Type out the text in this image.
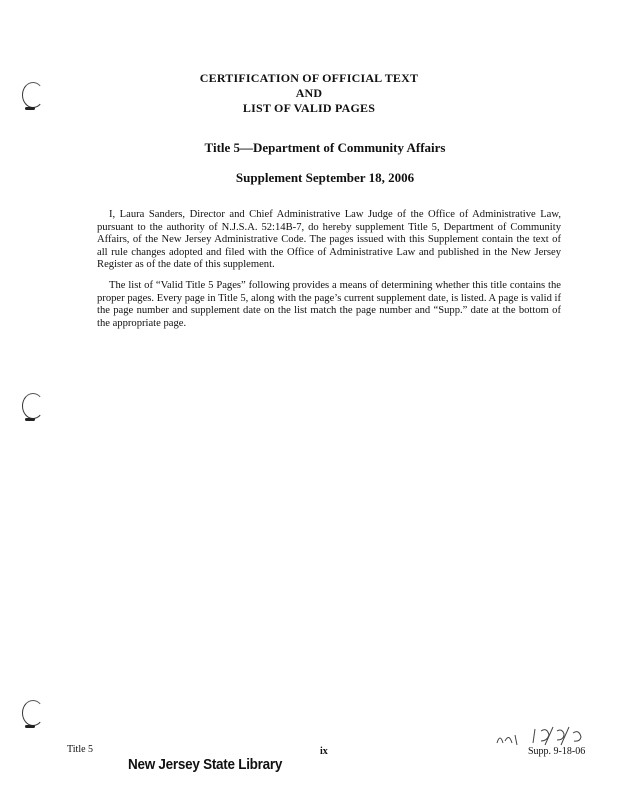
CERTIFICATION OF OFFICIAL TEXT
AND
LIST OF VALID PAGES
Title 5—Department of Community Affairs
Supplement September 18, 2006

I, Laura Sanders, Director and Chief Administrative Law Judge of the Office of Administrative Law, pursuant to the authority of N.J.S.A. 52:14B-7, do hereby supplement Title 5, Department of Community Affairs, of the New Jersey Administrative Code. The pages issued with this Supplement contain the text of all rule changes adopted and filed with the Office of Administrative Law and published in the New Jersey Register as of the date of this supplement.

The list of “Valid Title 5 Pages” following provides a means of determining whether this title contains the proper pages. Every page in Title 5, along with the page’s current supplement date, is listed. A page is valid if the page number and supplement date on the list match the page number and “Supp.” date at the bottom of the appropriate page.

Title 5	ix	Supp. 9-18-06
New Jersey State Library
